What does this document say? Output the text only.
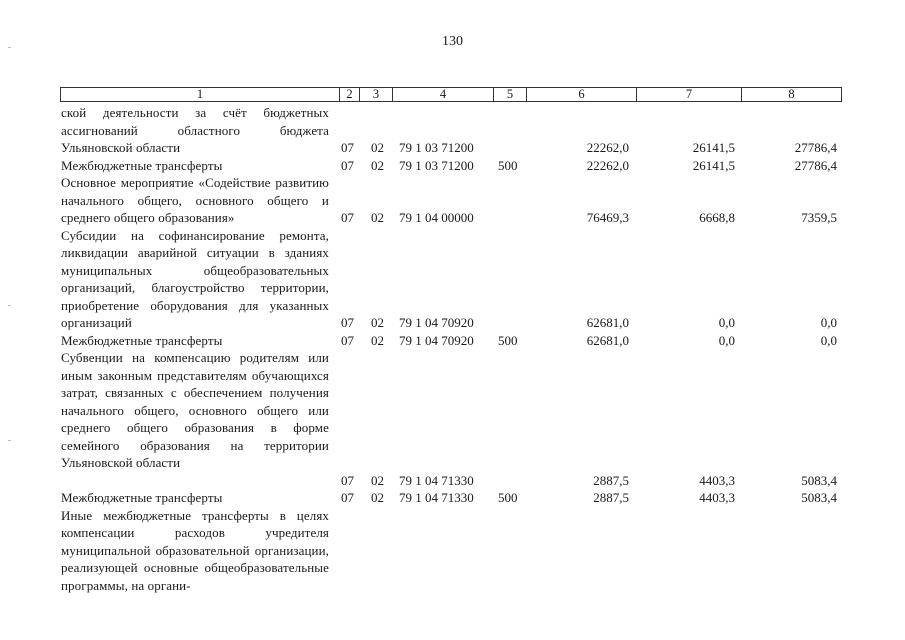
130
1	2	3	4	5	6	7	8
ской деятельности за счёт бюджетных ассигнований областного бюджета Ульяновской области	07 02 79 1 03 71200	22262,0	26141,5	27786,4
Межбюджетные трансферты	07 02 79 1 03 71200 500	22262,0	26141,5	27786,4
Основное мероприятие «Содействие развитию начального общего, основного общего и среднего общего образования»	07 02 79 1 04 00000	76469,3	6668,8	7359,5
Субсидии на софинансирование ремонта, ликвидации аварийной ситуации в зданиях муниципальных общеобразовательных организаций, благоустройство территории, приобретение оборудования для указанных организаций	07 02 79 1 04 70920	62681,0	0,0	0,0
Межбюджетные трансферты	07 02 79 1 04 70920 500	62681,0	0,0	0,0
Субвенции на компенсацию родителям или иным законным представителям обучающихся затрат, связанных с обеспечением получения начального общего, основного общего или среднего общего образования в форме семейного образования на территории Ульяновской области
07 02 79 1 04 71330	2887,5	4403,3	5083,4
Межбюджетные трансферты	07 02 79 1 04 71330 500	2887,5	4403,3	5083,4
Иные межбюджетные трансферты в целях компенсации расходов учредителя муниципальной образовательной организации, реализующей основные общеобразовательные программы, на органи-
